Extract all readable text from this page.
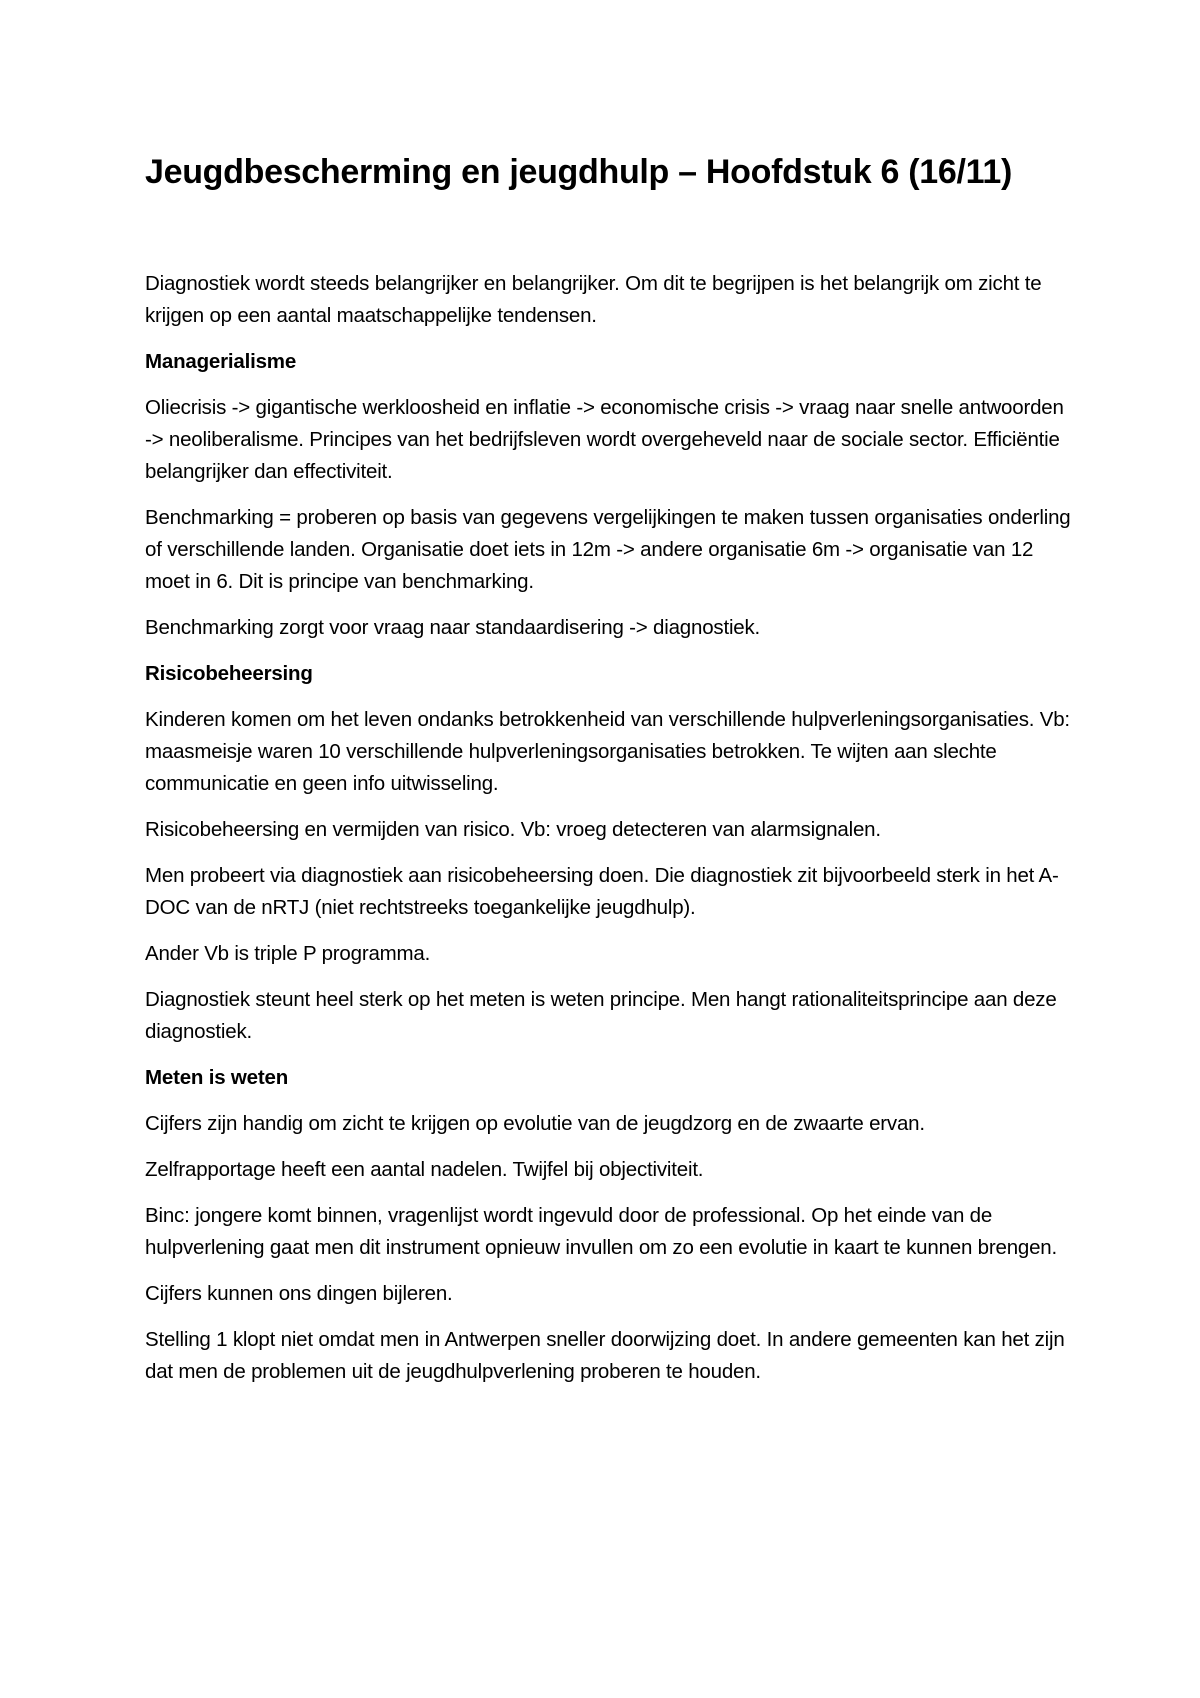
Jeugdbescherming en jeugdhulp – Hoofdstuk 6 (16/11)

Diagnostiek wordt steeds belangrijker en belangrijker. Om dit te begrijpen is het belangrijk om zicht te krijgen op een aantal maatschappelijke tendensen.

Managerialisme

Oliecrisis -> gigantische werkloosheid en inflatie -> economische crisis -> vraag naar snelle antwoorden -> neoliberalisme. Principes van het bedrijfsleven wordt overgeheveld naar de sociale sector. Efficiëntie belangrijker dan effectiviteit.

Benchmarking = proberen op basis van gegevens vergelijkingen te maken tussen organisaties onderling of verschillende landen. Organisatie doet iets in 12m -> andere organisatie 6m -> organisatie van 12 moet in 6. Dit is principe van benchmarking.

Benchmarking zorgt voor vraag naar standaardisering -> diagnostiek.

Risicobeheersing

Kinderen komen om het leven ondanks betrokkenheid van verschillende hulpverleningsorganisaties. Vb: maasmeisje waren 10 verschillende hulpverleningsorganisaties betrokken. Te wijten aan slechte communicatie en geen info uitwisseling.

Risicobeheersing en vermijden van risico. Vb: vroeg detecteren van alarmsignalen.

Men probeert via diagnostiek aan risicobeheersing doen. Die diagnostiek zit bijvoorbeeld sterk in het A-DOC van de nRTJ (niet rechtstreeks toegankelijke jeugdhulp).

Ander Vb is triple P programma.

Diagnostiek steunt heel sterk op het meten is weten principe. Men hangt rationaliteitsprincipe aan deze diagnostiek.

Meten is weten

Cijfers zijn handig om zicht te krijgen op evolutie van de jeugdzorg en de zwaarte ervan.

Zelfrapportage heeft een aantal nadelen. Twijfel bij objectiviteit.

Binc: jongere komt binnen, vragenlijst wordt ingevuld door de professional. Op het einde van de hulpverlening gaat men dit instrument opnieuw invullen om zo een evolutie in kaart te kunnen brengen.

Cijfers kunnen ons dingen bijleren.

Stelling 1 klopt niet omdat men in Antwerpen sneller doorwijzing doet. In andere gemeenten kan het zijn dat men de problemen uit de jeugdhulpverlening proberen te houden.
